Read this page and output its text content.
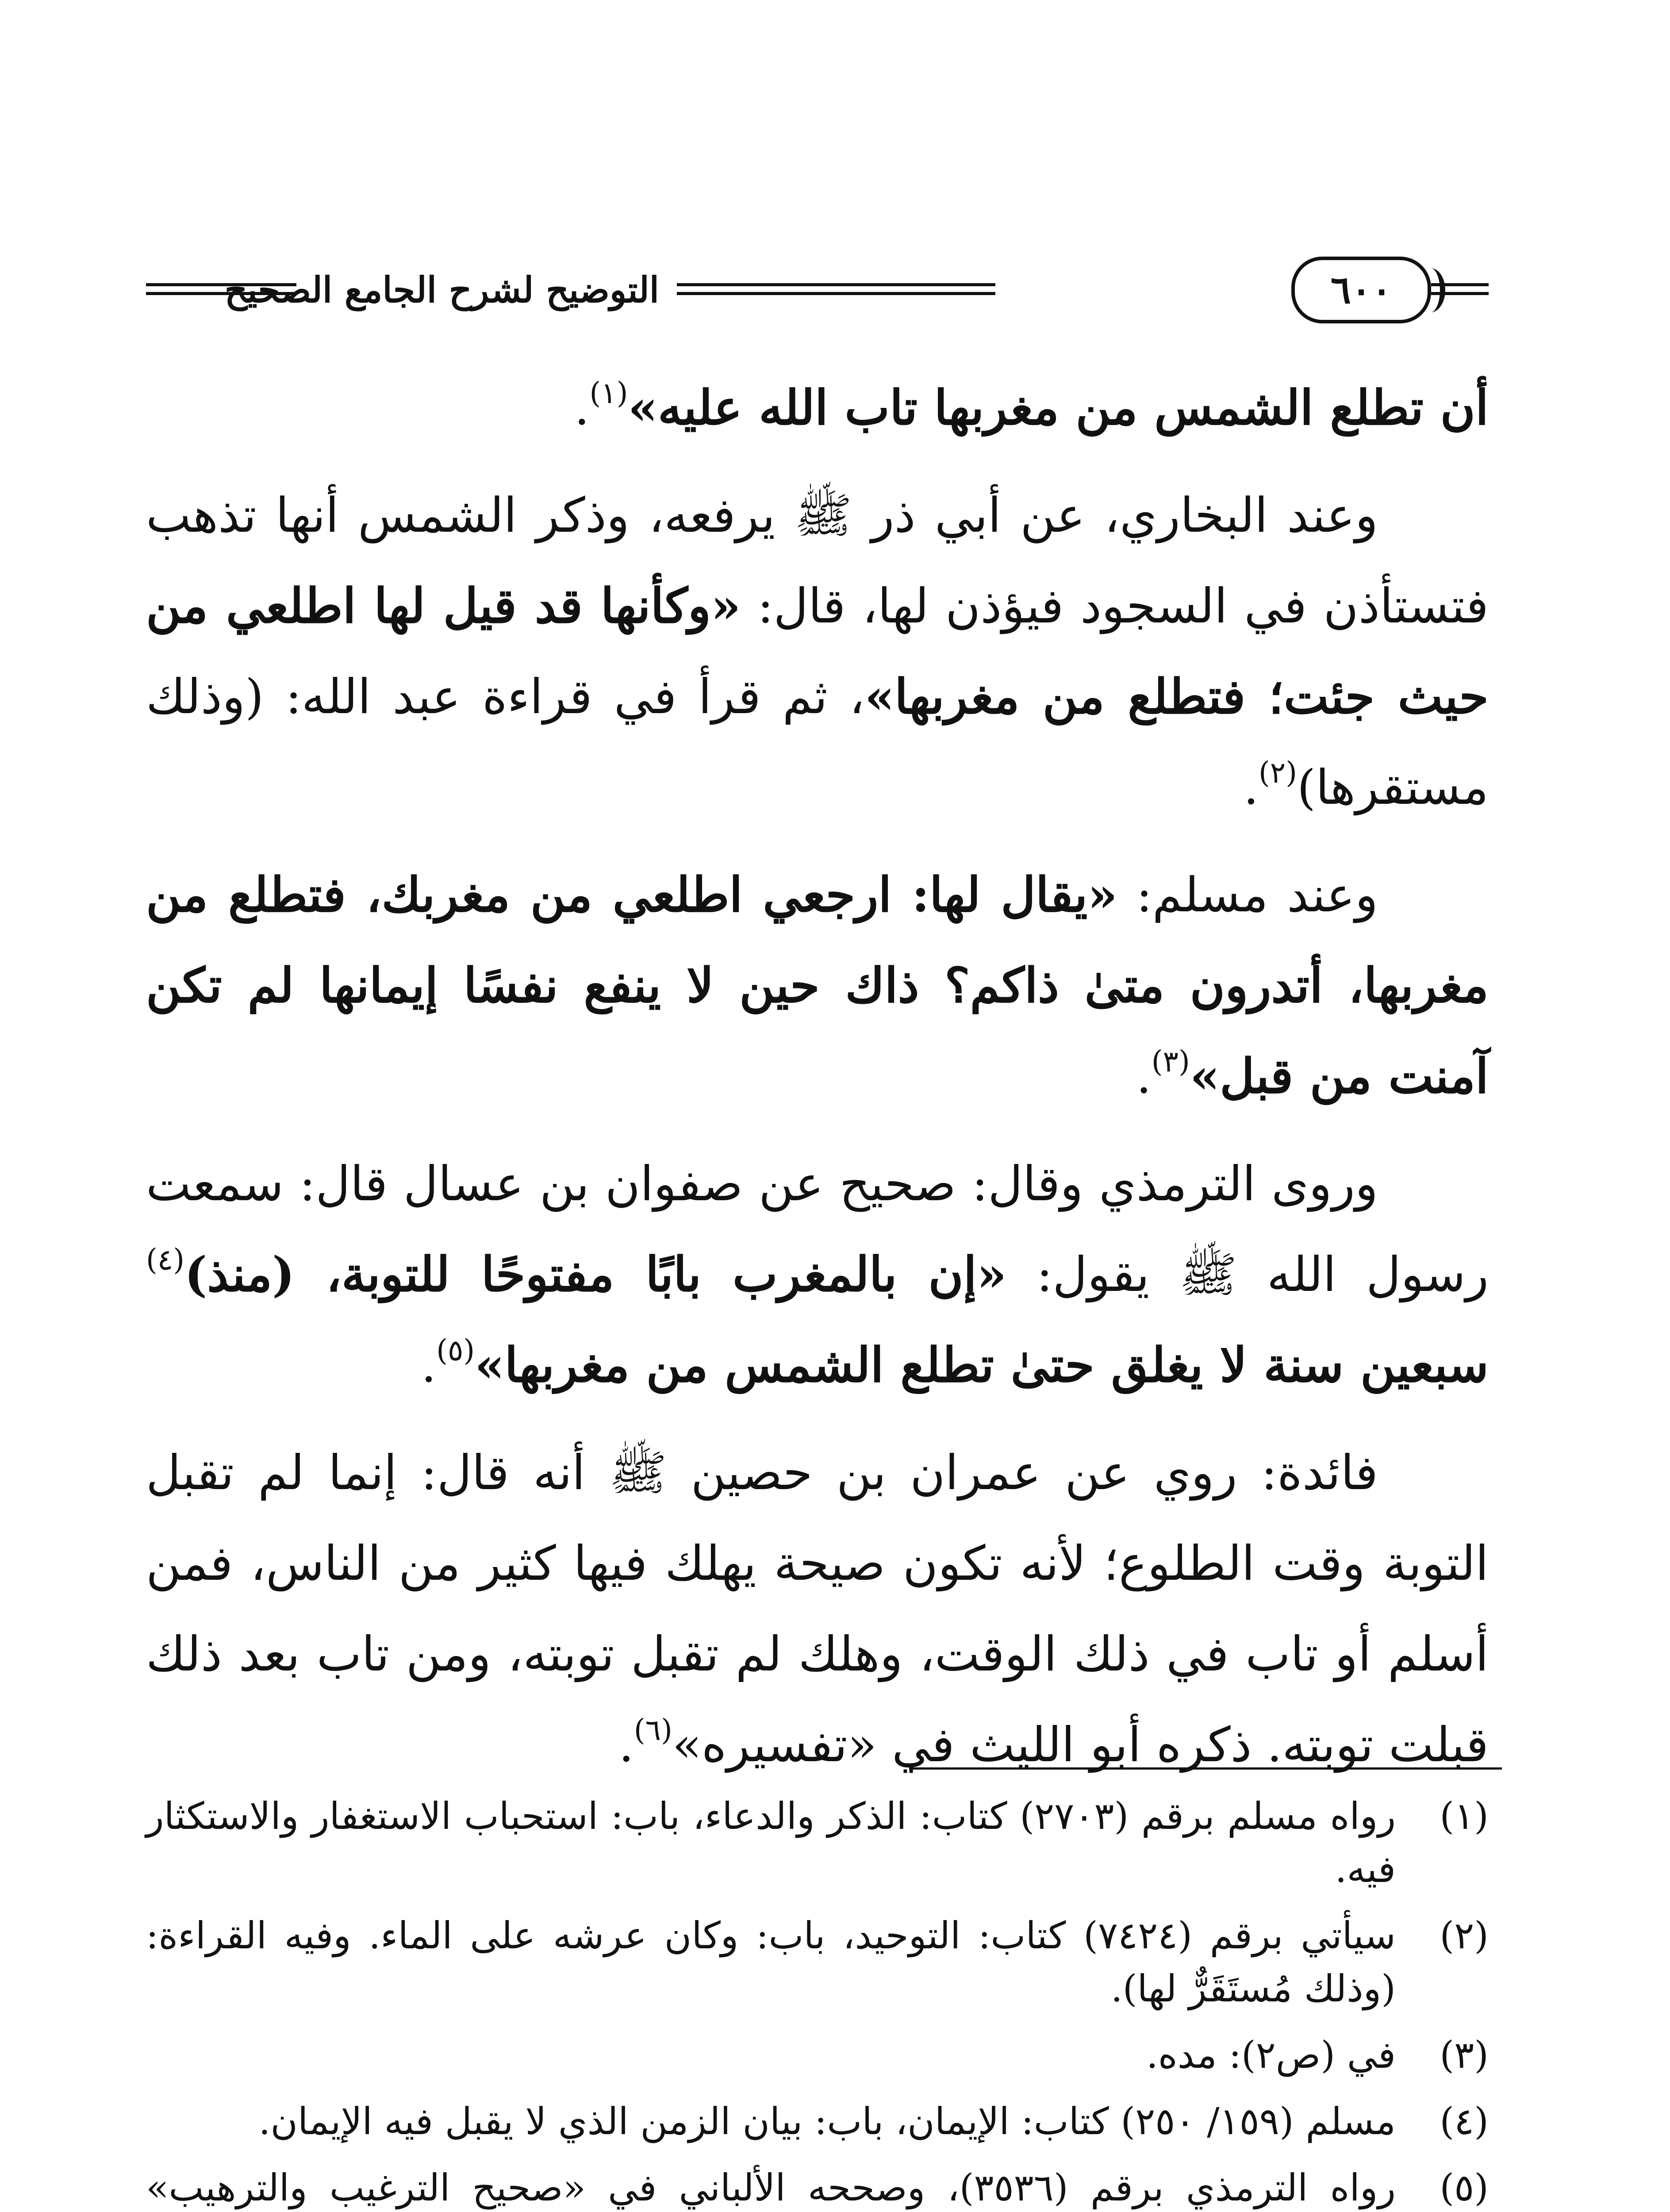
٦٠٠
التوضيح لشرح الجامع الصحيح

أن تطلع الشمس من مغربها تاب الله عليه»$^{(١)}$.

وعند البخاري، عن أبي ذر ﷺ يرفعه، وذكر الشمس أنها تذهب فتستأذن في السجود فيؤذن لها، قال: «وكأنها قد قيل لها اطلعي من حيث جئت؛ فتطلع من مغربها»، ثم قرأ في قراءة عبد الله: (وذلك مستقرها)$^{(٢)}$.

وعند مسلم: «يقال لها: ارجعي اطلعي من مغربك، فتطلع من مغربها، أتدرون متىٰ ذاكم؟ ذاك حين لا ينفع نفسًا إيمانها لم تكن آمنت من قبل»$^{(٣)}$.

وروى الترمذي وقال: صحيح عن صفوان بن عسال قال: سمعت رسول الله ﷺ يقول: «إن بالمغرب بابًا مفتوحًا للتوبة، (منذ)$^{(٤)}$ سبعين سنة لا يغلق حتىٰ تطلع الشمس من مغربها»$^{(٥)}$.

فائدة: روي عن عمران بن حصين ﷺ أنه قال: إنما لم تقبل التوبة وقت الطلوع؛ لأنه تكون صيحة يهلك فيها كثير من الناس، فمن أسلم أو تاب في ذلك الوقت، وهلك لم تقبل توبته، ومن تاب بعد ذلك قبلت توبته. ذكره أبو الليث في «تفسيره»$^{(٦)}$.

(١)
رواه مسلم برقم (٢٧٠٣) كتاب: الذكر والدعاء، باب: استحباب الاستغفار والاستكثار فيه.
(٢)
سيأتي برقم (٧٤٢٤) كتاب: التوحيد، باب: وكان عرشه على الماء. وفيه القراءة: (وذلك مُستَقَرٌّ لها).
(٣)
في (ص٢): مده.
(٤)
مسلم (١٥٩/ ٢٥٠) كتاب: الإيمان، باب: بيان الزمن الذي لا يقبل فيه الإيمان.
(٥)
رواه الترمذي برقم (٣٥٣٦)، وصححه الألباني في «صحيح الترغيب والترهيب»
